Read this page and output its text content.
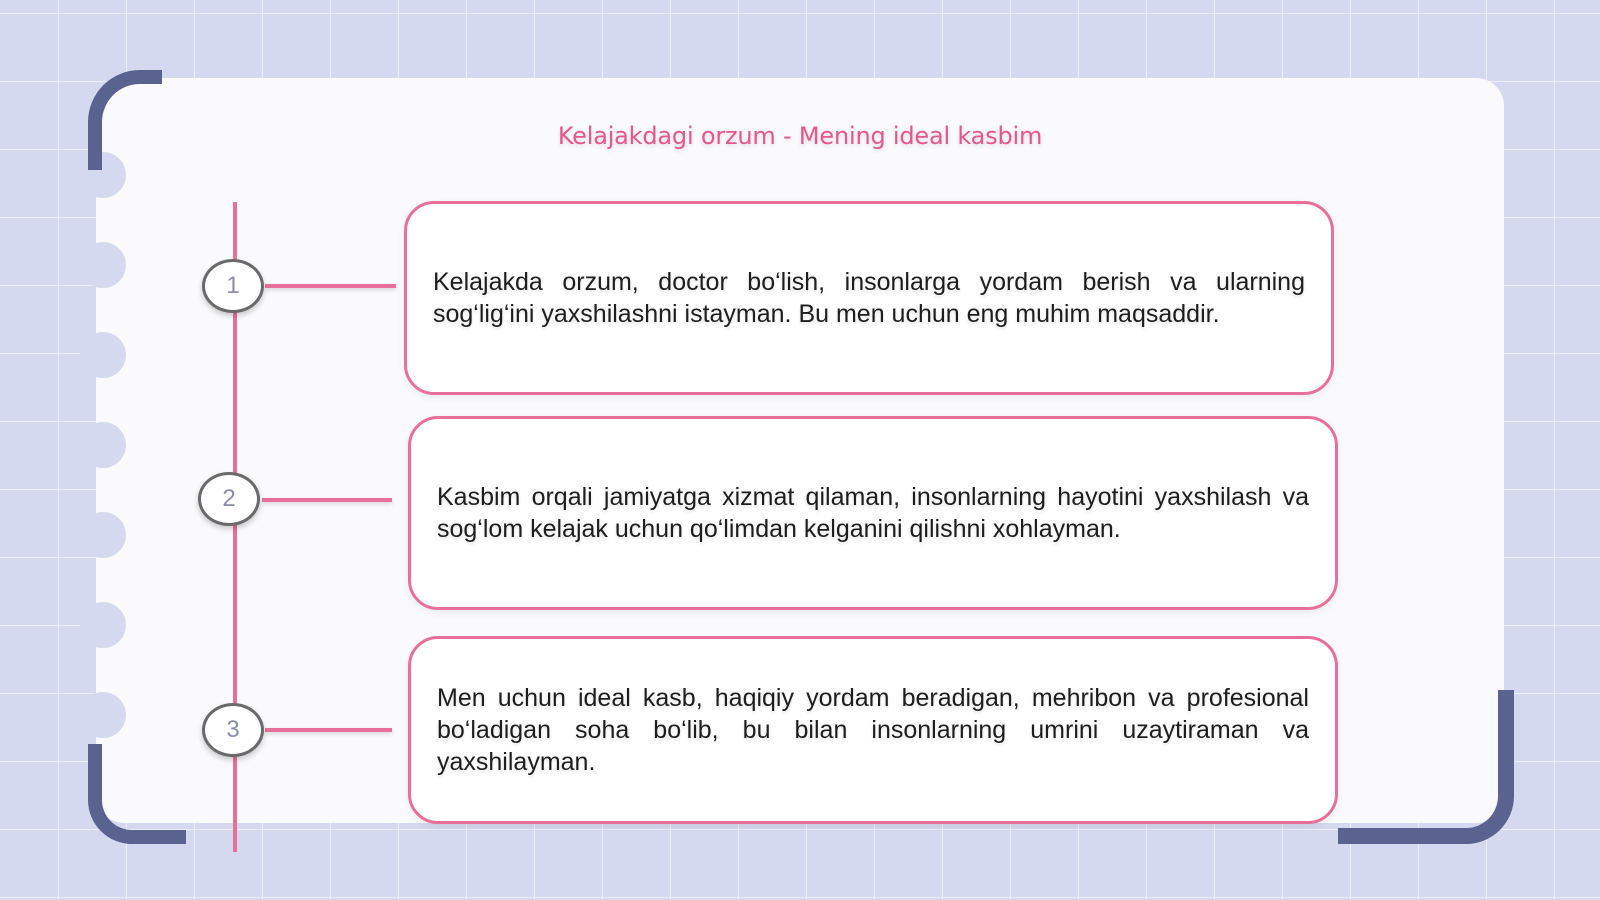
Kelajakdagi orzum - Mening ideal kasbim
1	Kelajakda orzum, doctor bo‘lish, insonlarga yordam berish va ularning sog‘lig‘ini yaxshilashni istayman. Bu men uchun eng muhim maqsaddir.

2	Kasbim orqali jamiyatga xizmat qilaman, insonlarning hayotini yaxshilash va sog‘lom kelajak uchun qo‘limdan kelganini qilishni xohlayman.

3

Men uchun ideal kasb, haqiqiy yordam beradigan, mehribon va profesional bo‘ladigan soha bo‘lib, bu bilan insonlarning umrini uzaytiraman va yaxshilayman.
